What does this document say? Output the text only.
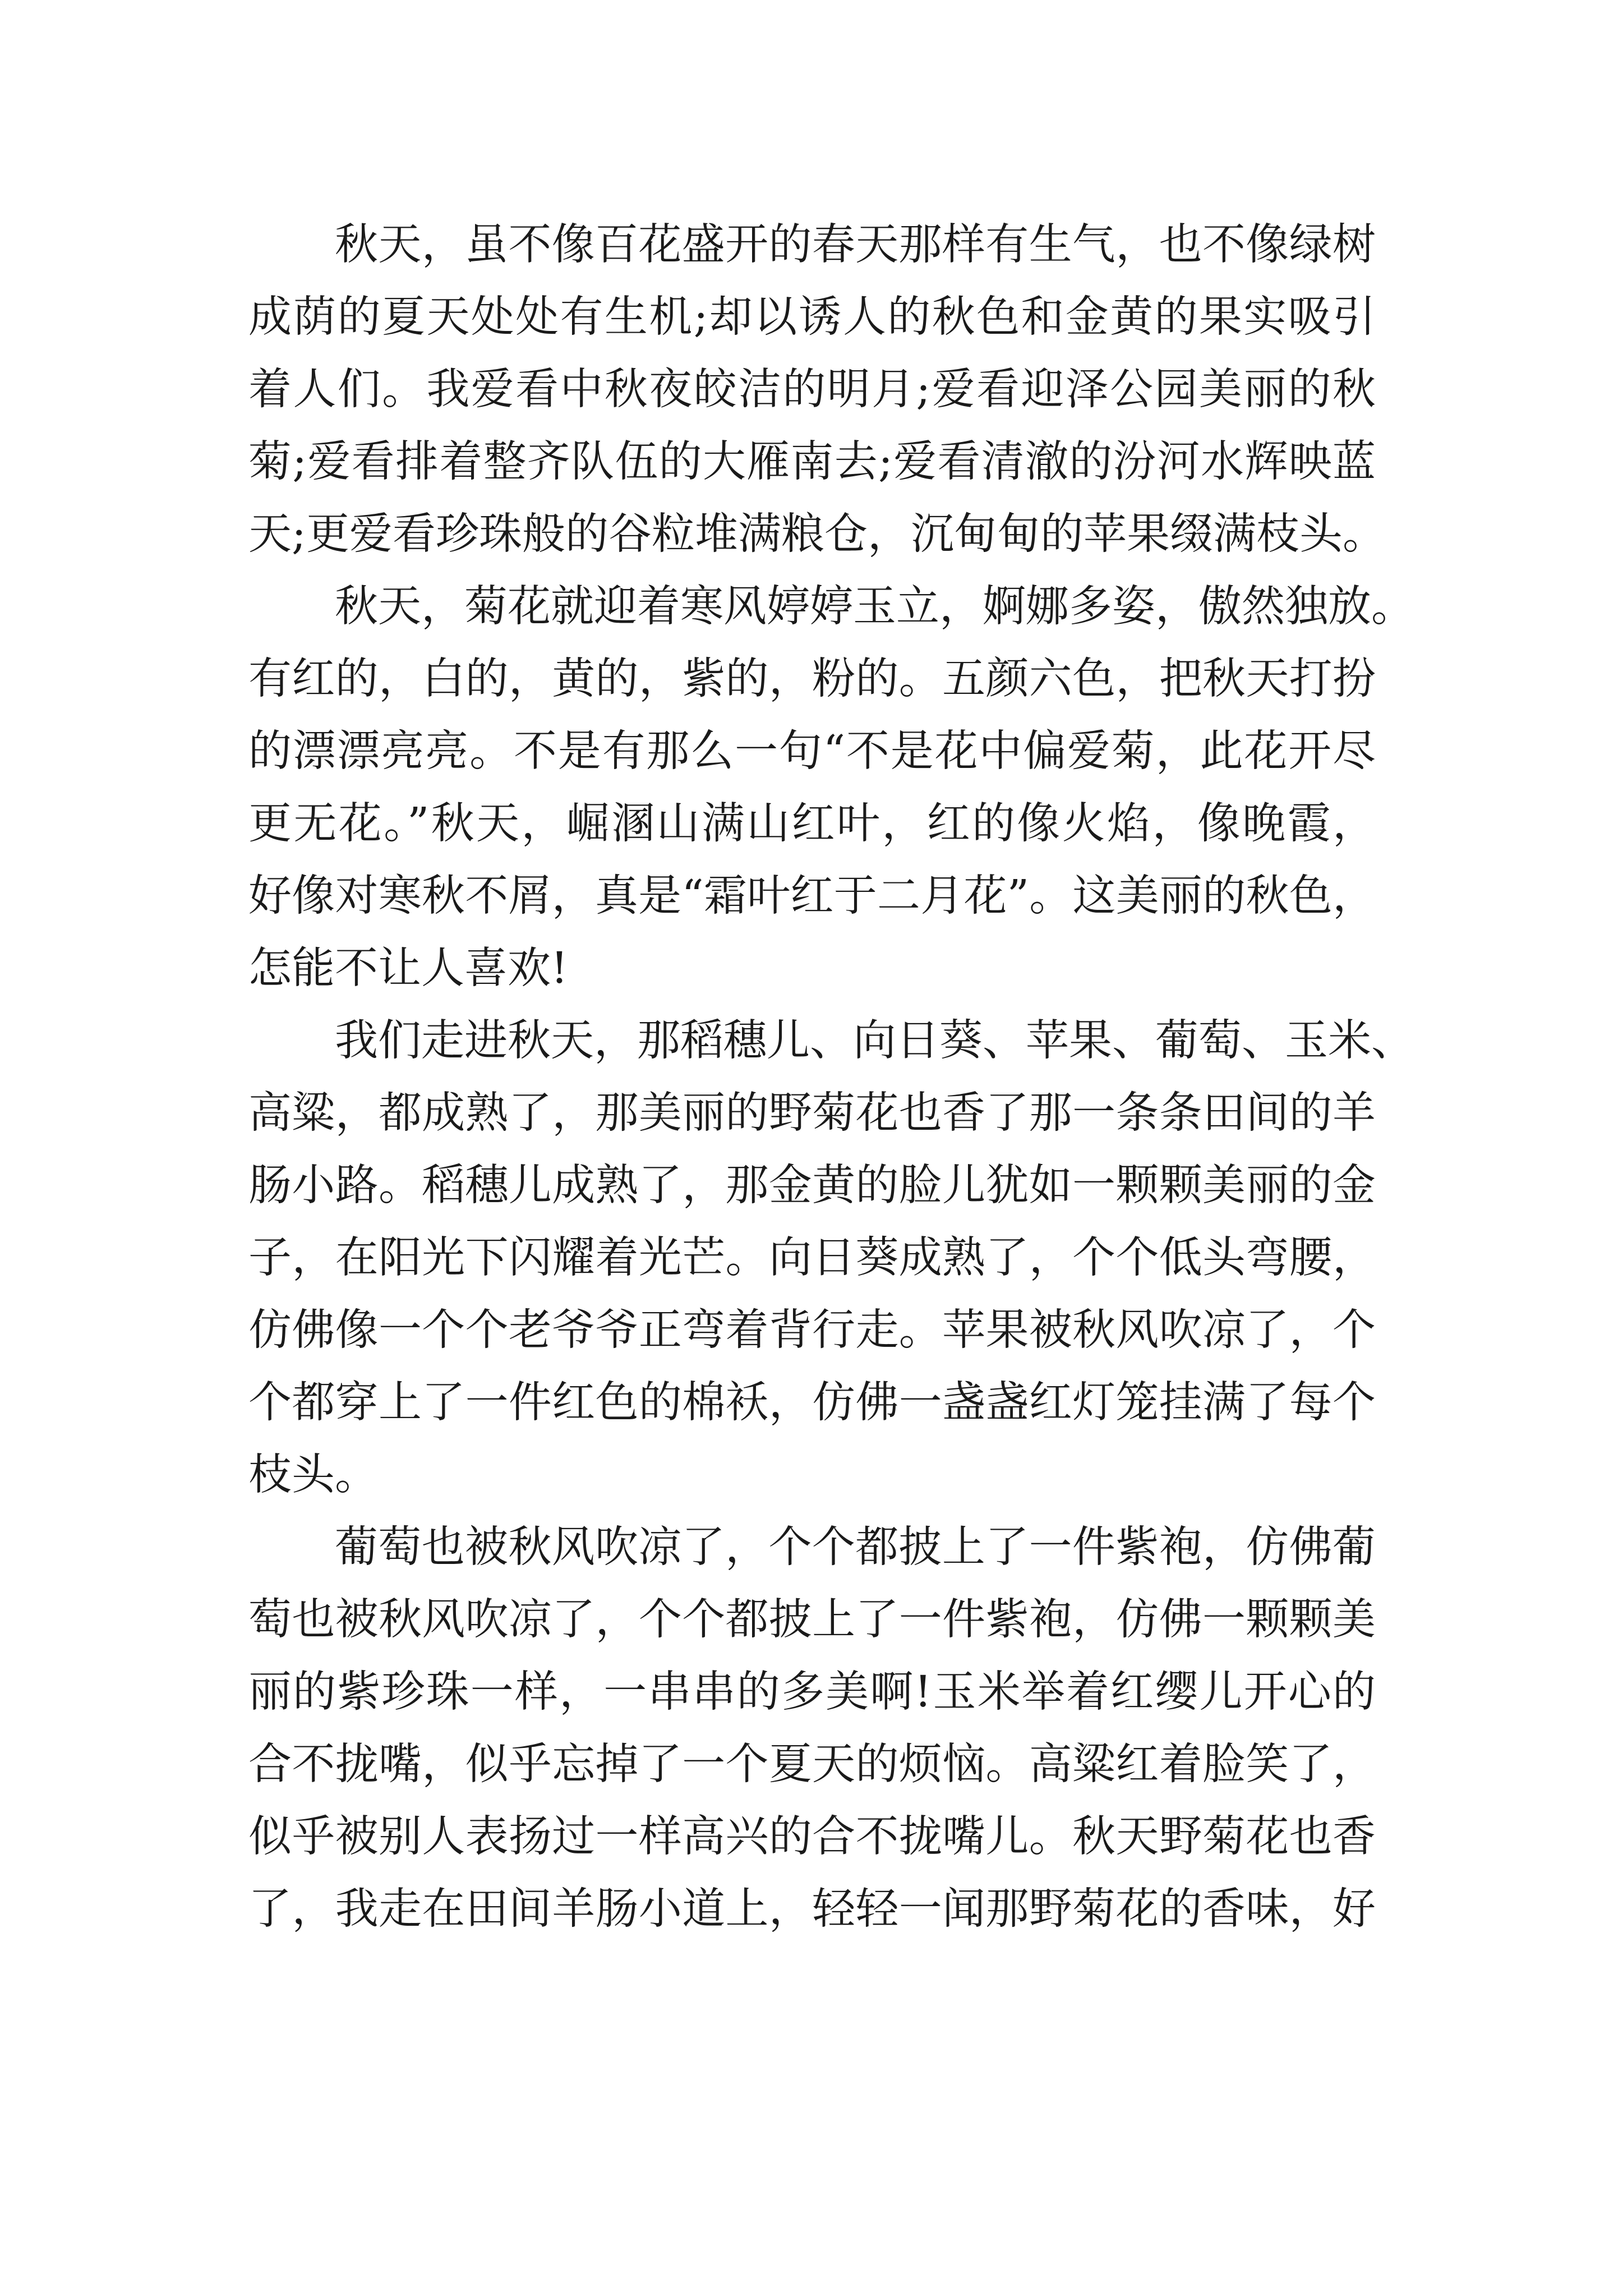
秋天，虽不像百花盛开的春天那样有生气，也不像绿树
成荫的夏天处处有生机;却以诱人的秋色和金黄的果实吸引
着人们。我爱看中秋夜皎洁的明月;爱看迎泽公园美丽的秋
菊;爱看排着整齐队伍的大雁南去;爱看清澈的汾河水辉映蓝
天;更爱看珍珠般的谷粒堆满粮仓，沉甸甸的苹果缀满枝头。
秋天，菊花就迎着寒风婷婷玉立，婀娜多姿，傲然独放。
有红的，白的，黄的，紫的，粉的。五颜六色，把秋天打扮
的漂漂亮亮。不是有那么一句“不是花中偏爱菊，此花开尽
更无花。”秋天，崛溷山满山红叶，红的像火焰，像晚霞，
好像对寒秋不屑，真是“霜叶红于二月花”。这美丽的秋色，
怎能不让人喜欢!
我们走进秋天，那稻穗儿、向日葵、苹果、葡萄、玉米、
高粱，都成熟了，那美丽的野菊花也香了那一条条田间的羊
肠小路。稻穗儿成熟了，那金黄的脸儿犹如一颗颗美丽的金
子，在阳光下闪耀着光芒。向日葵成熟了，个个低头弯腰，
仿佛像一个个老爷爷正弯着背行走。苹果被秋风吹凉了，个
个都穿上了一件红色的棉袄，仿佛一盏盏红灯笼挂满了每个
枝头。
葡萄也被秋风吹凉了，个个都披上了一件紫袍，仿佛葡
萄也被秋风吹凉了，个个都披上了一件紫袍，仿佛一颗颗美
丽的紫珍珠一样，一串串的多美啊!玉米举着红缨儿开心的
合不拢嘴，似乎忘掉了一个夏天的烦恼。高粱红着脸笑了，
似乎被别人表扬过一样高兴的合不拢嘴儿。秋天野菊花也香
了，我走在田间羊肠小道上，轻轻一闻那野菊花的香味，好
